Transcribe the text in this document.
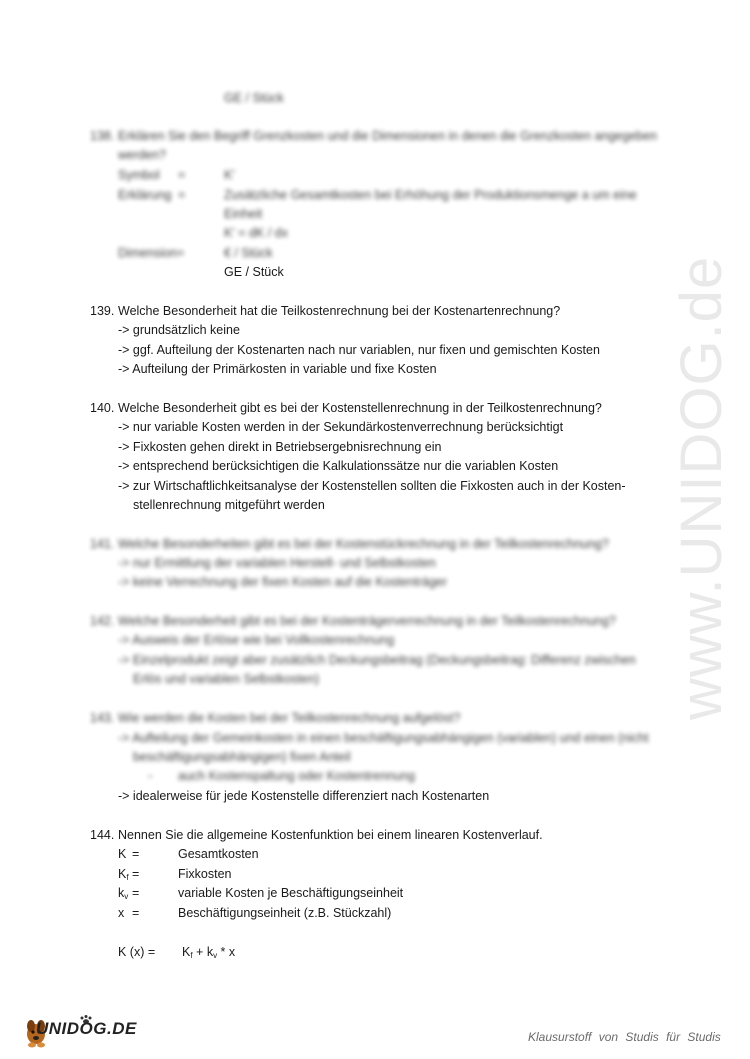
GE / Stück
138. Erklären Sie den Begriff Grenzkosten und die Dimensionen in denen die Grenzkosten angegeben
werden?
Symbol =	K'
Erklärung =	Zusätzliche Gesamtkosten bei Erhöhung der Produktionsmenge a um eine
Einheit
K' = dK / dx
Dimension=	€ / Stück
GE / Stück
139. Welche Besonderheit hat die Teilkostenrechnung bei der Kostenartenrechnung?
-> grundsätzlich keine
-> ggf. Aufteilung der Kostenarten nach nur variablen, nur fixen und gemischten Kosten
-> Aufteilung der Primärkosten in variable und fixe Kosten
140. Welche Besonderheit gibt es bei der Kostenstellenrechnung in der Teilkostenrechnung?
-> nur variable Kosten werden in der Sekundärkostenverrechnung berücksichtigt
-> Fixkosten gehen direkt in Betriebsergebnisrechnung ein
-> entsprechend berücksichtigen die Kalkulationssätze nur die variablen Kosten
-> zur Wirtschaftlichkeitsanalyse der Kostenstellen sollten die Fixkosten auch in der Kosten-
stellenrechnung mitgeführt werden
141. Welche Besonderheiten gibt es bei der Kostenstückrechnung in der Teilkostenrechnung?
-> nur Ermittlung der variablen Herstell- und Selbstkosten
-> keine Verrechnung der fixen Kosten auf die Kostenträger
142. Welche Besonderheit gibt es bei der Kostenträgerverrechnung in der Teilkostenrechnung?
-> Ausweis der Erlöse wie bei Vollkostenrechnung
-> Einzelprodukt zeigt aber zusätzlich Deckungsbeitrag (Deckungsbeitrag: Differenz zwischen
Erlös und variablen Selbstkosten)
143. Wie werden die Kosten bei der Teilkostenrechnung aufgelöst?
-> Aufteilung der Gemeinkosten in einen beschäftigungsabhängigen (variablen) und einen (nicht
beschäftigungsabhängigen) fixen Anteil
- auch Kostenspaltung oder Kostentrennung
-> idealerweise für jede Kostenstelle differenziert nach Kostenarten
144. Nennen Sie die allgemeine Kostenfunktion bei einem linearen Kostenverlauf.
K =	Gesamtkosten
$K_f$ =	Fixkosten
$k_v$ =	variable Kosten je Beschäftigungseinheit
x =	Beschäftigungseinheit (z.B. Stückzahl)
K $(x) = K_f + k_v * x$
www.UNIDOG.de
UNIDOG.DE	Klausurstoff von Studis für Studis
